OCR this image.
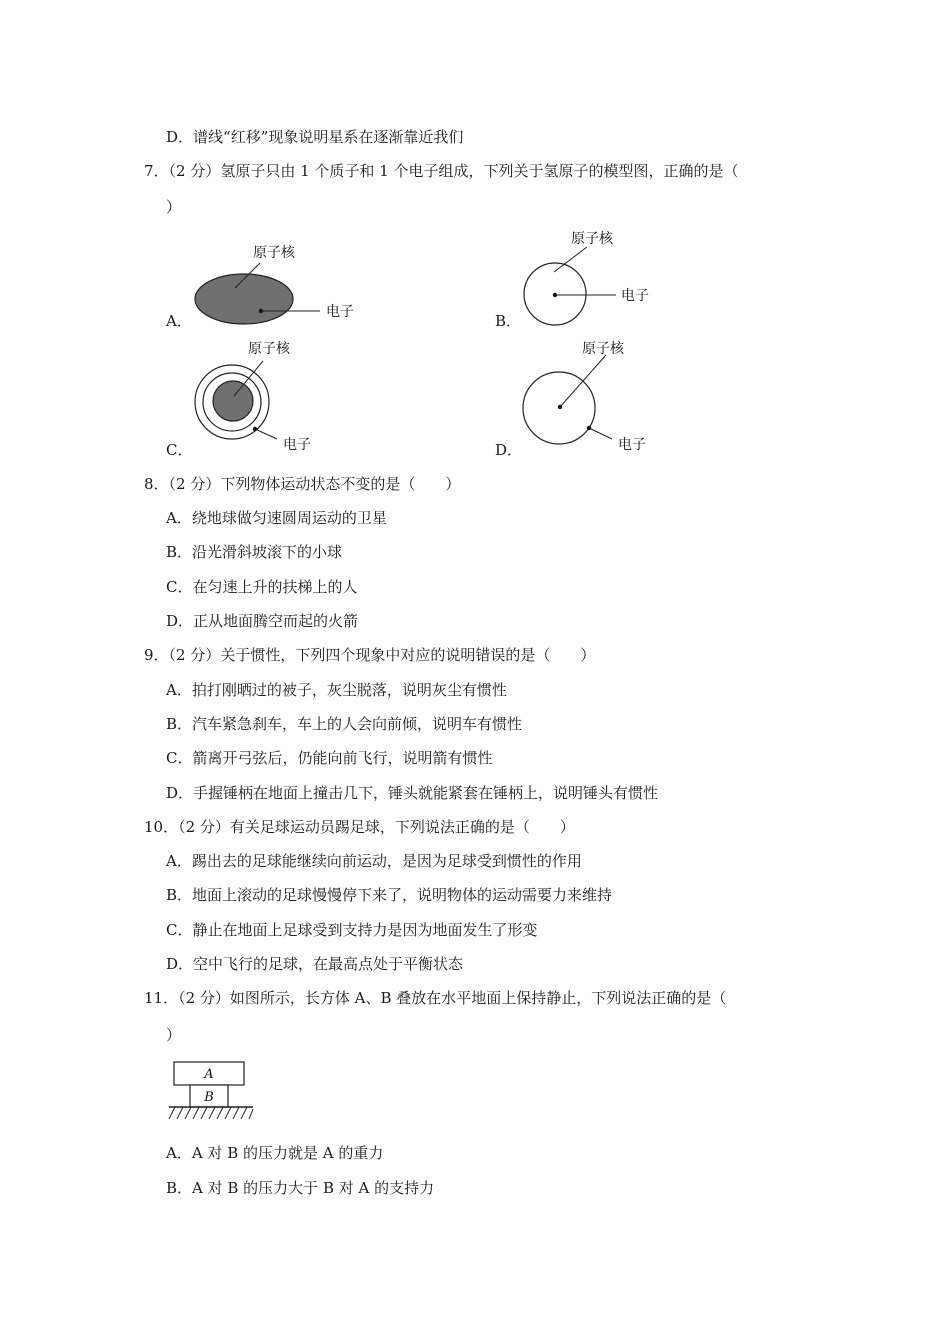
D．谱线“红移”现象说明星系在逐渐靠近我们
7．（2 分）氢原子只由 1 个质子和 1 个电子组成，下列关于氢原子的模型图，正确的是（
）
A．
原子核
电子	B．
原子核
电子
C．
原子核
电子	D．
原子核
电子
8．（2 分）下列物体运动状态不变的是（　　）
A．绕地球做匀速圆周运动的卫星
B．沿光滑斜坡滚下的小球
C．在匀速上升的扶梯上的人
D．正从地面腾空而起的火箭
9．（2 分）关于惯性，下列四个现象中对应的说明错误的是（　　）
A．拍打刚晒过的被子，灰尘脱落，说明灰尘有惯性
B．汽车紧急刹车，车上的人会向前倾，说明车有惯性
C．箭离开弓弦后，仍能向前飞行，说明箭有惯性
D．手握锤柄在地面上撞击几下，锤头就能紧套在锤柄上，说明锤头有惯性
10．（2 分）有关足球运动员踢足球，下列说法正确的是（　　）
A．踢出去的足球能继续向前运动，是因为足球受到惯性的作用
B．地面上滚动的足球慢慢停下来了，说明物体的运动需要力来维持
C．静止在地面上足球受到支持力是因为地面发生了形变
D．空中飞行的足球，在最高点处于平衡状态
11．（2 分）如图所示，长方体 A、B 叠放在水平地面上保持静止，下列说法正确的是（
）
A
B
A．A 对 B 的压力就是 A 的重力
B．A 对 B 的压力大于 B 对 A 的支持力
